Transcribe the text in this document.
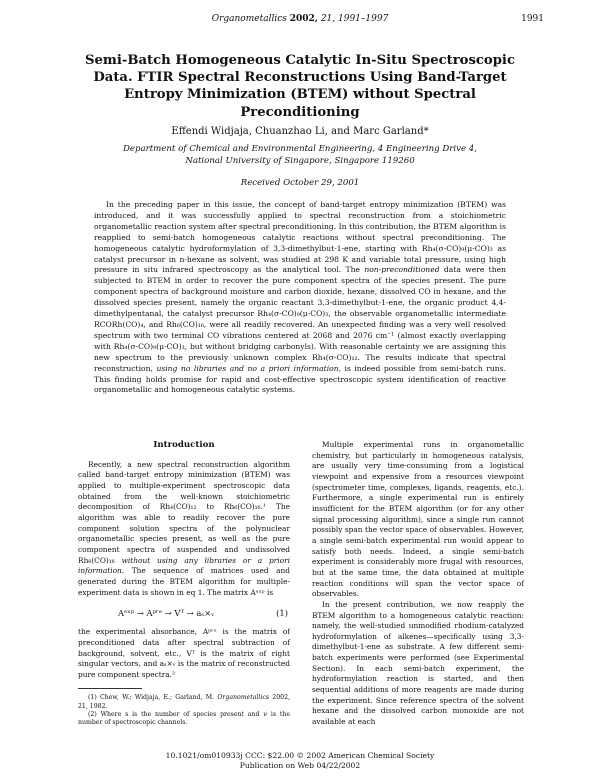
Organometallics 2002, 21, 1991–1997	1991
Semi-Batch Homogeneous Catalytic In-Situ Spectroscopic Data. FTIR Spectral Reconstructions Using Band-Target Entropy Minimization (BTEM) without Spectral Preconditioning
Effendi Widjaja, Chuanzhao Li, and Marc Garland*
Department of Chemical and Environmental Engineering, 4 Engineering Drive 4,
National University of Singapore, Singapore 119260
Received October 29, 2001

In the preceding paper in this issue, the concept of band-target entropy minimization (BTEM) was introduced, and it was successfully applied to spectral reconstruction from a stoichiometric organometallic reaction system after spectral preconditioning. In this contribution, the BTEM algorithm is reapplied to semi-batch homogeneous catalytic reactions without spectral preconditioning. The homogeneous catalytic hydroformylation of 3,3-dimethylbut-1-ene, starting with Rh₄(σ-CO)₉(μ-CO)₃ as catalyst precursor in n-hexane as solvent, was studied at 298 K and variable total pressure, using high pressure in situ infrared spectroscopy as the analytical tool. The non-preconditioned data were then subjected to BTEM in order to recover the pure component spectra of the species present. The pure component spectra of background moisture and carbon dioxide, hexane, dissolved CO in hexane, and the dissolved species present, namely the organic reactant 3,3-dimethylbut-1-ene, the organic product 4,4-dimethylpentanal, the catalyst precursor Rh₄(σ-CO)₉(μ-CO)₃, the observable organometallic intermediate RCORh(CO)₄, and Rh₆(CO)₁₆, were all readily recovered. An unexpected finding was a very well resolved spectrum with two terminal CO vibrations centered at 2068 and 2076 cm⁻¹ (almost exactly overlapping with Rh₄(σ-CO)₉(μ-CO)₃, but without bridging carbonyls). With reasonable certainty we are assigning this new spectrum to the previously unknown complex Rh₄(σ-CO)₁₂. The results indicate that spectral reconstruction, using no libraries and no a priori information, is indeed possible from semi-batch runs. This finding holds promise for rapid and cost-effective spectroscopic system identification of reactive organometallic and homogeneous catalytic systems.

Introduction

Recently, a new spectral reconstruction algorithm called band-target entropy minimization (BTEM) was applied to multiple-experiment spectroscopic data obtained from the well-known stoichiometric decomposition of Rh₄(CO)₁₂ to Rh₆(CO)₁₆.¹ The algorithm was able to readily recover the pure component solution spectra of the polynuclear organometallic species present, as well as the pure component spectra of suspended and undissolved Rh₆(CO)₁₆ without using any libraries or a priori information. The sequence of matrices used and generated during the BTEM algorithm for multiple-experiment data is shown in eq 1. The matrix Aᵉˣᵖ is

Aᵉˣᵖ → Aᵖʳᵉ → Vᵀ → aₛ×ᵥ	(1)

the experimental absorbance, Aᵖʳᵉ is the matrix of preconditioned data after spectral subtraction of background, solvent, etc., Vᵀ is the matrix of right singular vectors, and aₛ×ᵥ is the matrix of reconstructed pure component spectra.²

(1) Chew, W.; Widjaja, E.; Garland, M. Organometallics 2002, 21, 1982.

(2) Where s is the number of species present and ν is the number of spectroscopic channels.

Multiple experimental runs in organometallic chemistry, but particularly in homogeneous catalysis, are usually very time-consuming from a logistical viewpoint and expensive from a resources viewpoint (spectrometer time, complexes, ligands, reagents, etc.). Furthermore, a single experimental run is entirely insufficient for the BTEM algorithm (or for any other signal processing algorithm), since a single run cannot possibly span the vector space of observables. However, a single semi-batch experimental run would appear to satisfy both needs. Indeed, a single semi-batch experiment is considerably more frugal with resources, but at the same time, the data obtained at multiple reaction conditions will span the vector space of observables.

In the present contribution, we now reapply the BTEM algorithm to a homogeneous catalytic reaction: namely, the well-studied unmodified rhodium-catalyzed hydroformylation of alkenes—specifically using 3,3-dimethylbut-1-ene as substrate. A few different semi-batch experiments were performed (see Experimental Section). In each semi-batch experiment, the hydroformylation reaction is started, and then sequential additions of more reagents are made during the experiment. Since reference spectra of the solvent hexane and the dissolved carbon monoxide are not available at each

10.1021/om010933j CCC: $22.00 © 2002 American Chemical Society
Publication on Web 04/22/2002
